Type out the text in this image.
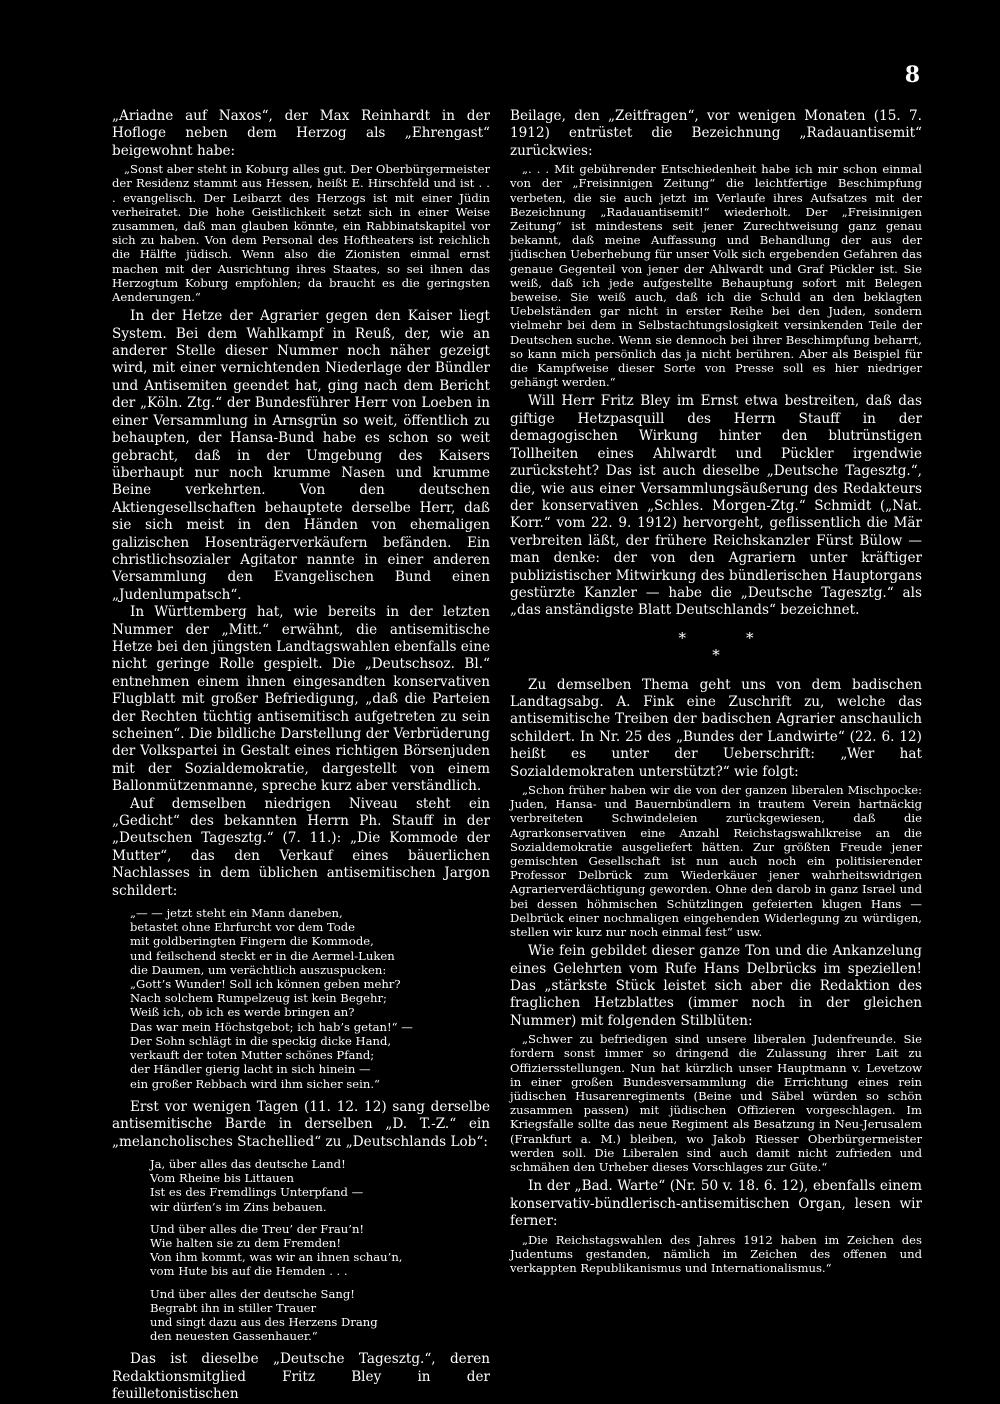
8

„Ariadne auf Naxos“, der Max Reinhardt in der Hofloge neben dem Herzog als „Ehrengast“ beigewohnt habe:

„Sonst aber steht in Koburg alles gut. Der Oberbürgermeister der Residenz stammt aus Hessen, heißt E. Hirschfeld und ist . . . evangelisch. Der Leibarzt des Herzogs ist mit einer Jüdin verheiratet. Die hohe Geistlichkeit setzt sich in einer Weise zusammen, daß man glauben könnte, ein Rabbinatskapitel vor sich zu haben. Von dem Personal des Hoftheaters ist reichlich die Hälfte jüdisch. Wenn also die Zionisten einmal ernst machen mit der Ausrichtung ihres Staates, so sei ihnen das Herzogtum Koburg empfohlen; da braucht es die geringsten Aenderungen.“

In der Hetze der Agrarier gegen den Kaiser liegt System. Bei dem Wahlkampf in Reuß, der, wie an anderer Stelle dieser Nummer noch näher gezeigt wird, mit einer vernichtenden Niederlage der Bündler und Antisemiten geendet hat, ging nach dem Bericht der „Köln. Ztg.“ der Bundesführer Herr von Loeben in einer Versammlung in Arnsgrün so weit, öffentlich zu behaupten, der Hansa-Bund habe es schon so weit gebracht, daß in der Umgebung des Kaisers überhaupt nur noch krumme Nasen und krumme Beine verkehrten. Von den deutschen Aktiengesellschaften behauptete derselbe Herr, daß sie sich meist in den Händen von ehemaligen galizischen Hosenträgerverkäufern befänden. Ein christlichsozialer Agitator nannte in einer anderen Versammlung den Evangelischen Bund einen „Judenlumpatsch“.

In Württemberg hat, wie bereits in der letzten Nummer der „Mitt.“ erwähnt, die antisemitische Hetze bei den jüngsten Landtagswahlen ebenfalls eine nicht geringe Rolle gespielt. Die „Deutschsoz. Bl.“ entnehmen einem ihnen eingesandten konservativen Flugblatt mit großer Befriedigung, „daß die Parteien der Rechten tüchtig antisemitisch aufgetreten zu sein scheinen“. Die bildliche Darstellung der Verbrüderung der Volkspartei in Gestalt eines richtigen Börsenjuden mit der Sozialdemokratie, dargestellt von einem Ballonmützenmanne, spreche kurz aber verständlich.

Auf demselben niedrigen Niveau steht ein „Gedicht“ des bekannten Herrn Ph. Stauff in der „Deutschen Tagesztg.“ (7. 11.): „Die Kommode der Mutter“, das den Verkauf eines bäuerlichen Nachlasses in dem üblichen antisemitischen Jargon schildert:

„— — jetzt steht ein Mann daneben,
betastet ohne Ehrfurcht vor dem Tode
mit goldberingten Fingern die Kommode,
und feilschend steckt er in die Aermel-Luken
die Daumen, um verächtlich auszuspucken:
„Gott’s Wunder! Soll ich können geben mehr?
Nach solchem Rumpelzeug ist kein Begehr;
Weiß ich, ob ich es werde bringen an?
Das war mein Höchstgebot; ich hab’s getan!“ —
Der Sohn schlägt in die speckig dicke Hand,
verkauft der toten Mutter schönes Pfand;
der Händler gierig lacht in sich hinein —
ein großer Rebbach wird ihm sicher sein.“

Erst vor wenigen Tagen (11. 12. 12) sang derselbe antisemitische Barde in derselben „D. T.-Z.“ ein „melancholisches Stachellied“ zu „Deutschlands Lob“:

Ja, über alles das deutsche Land!
Vom Rheine bis Littauen
Ist es des Fremdlings Unterpfand —
wir dürfen’s im Zins bebauen.
Und über alles die Treu’ der Frau’n!
Wie halten sie zu dem Fremden!
Von ihm kommt, was wir an ihnen schau’n,
vom Hute bis auf die Hemden . . .
Und über alles der deutsche Sang!
Begrabt ihn in stiller Trauer
und singt dazu aus des Herzens Drang
den neuesten Gassenhauer.“

Das ist dieselbe „Deutsche Tagesztg.“, deren Redaktionsmitglied Fritz Bley in der feuilletonistischen

Beilage, den „Zeitfragen“, vor wenigen Monaten (15. 7. 1912) entrüstet die Bezeichnung „Radauantisemit“ zurückwies:

„. . . Mit gebührender Entschiedenheit habe ich mir schon einmal von der „Freisinnigen Zeitung“ die leichtfertige Beschimpfung verbeten, die sie auch jetzt im Verlaufe ihres Aufsatzes mit der Bezeichnung „Radauantisemit!“ wiederholt. Der „Freisinnigen Zeitung“ ist mindestens seit jener Zurechtweisung ganz genau bekannt, daß meine Auffassung und Behandlung der aus der jüdischen Ueberhebung für unser Volk sich ergebenden Gefahren das genaue Gegenteil von jener der Ahlwardt und Graf Pückler ist. Sie weiß, daß ich jede aufgestellte Behauptung sofort mit Belegen beweise. Sie weiß auch, daß ich die Schuld an den beklagten Uebelständen gar nicht in erster Reihe bei den Juden, sondern vielmehr bei dem in Selbstachtungslosigkeit versinkenden Teile der Deutschen suche. Wenn sie dennoch bei ihrer Beschimpfung beharrt, so kann mich persönlich das ja nicht berühren. Aber als Beispiel für die Kampfweise dieser Sorte von Presse soll es hier niedriger gehängt werden.“

Will Herr Fritz Bley im Ernst etwa bestreiten, daß das giftige Hetzpasquill des Herrn Stauff in der demagogischen Wirkung hinter den blutrünstigen Tollheiten eines Ahlwardt und Pückler irgendwie zurücksteht? Das ist auch dieselbe „Deutsche Tagesztg.“, die, wie aus einer Versammlungsäußerung des Redakteurs der konservativen „Schles. Morgen-Ztg.“ Schmidt („Nat. Korr.“ vom 22. 9. 1912) hervorgeht, geflissentlich die Mär verbreiten läßt, der frühere Reichskanzler Fürst Bülow — man denke: der von den Agrariern unter kräftiger publizistischer Mitwirkung des bündlerischen Hauptorgans gestürzte Kanzler — habe die „Deutsche Tagesztg.“ als „das anständigste Blatt Deutschlands“ bezeichnet.

*	*
*

Zu demselben Thema geht uns von dem badischen Landtagsabg. A. Fink eine Zuschrift zu, welche das antisemitische Treiben der badischen Agrarier anschaulich schildert. In Nr. 25 des „Bundes der Landwirte“ (22. 6. 12) heißt es unter der Ueberschrift: „Wer hat Sozialdemokraten unterstützt?“ wie folgt:

„Schon früher haben wir die von der ganzen liberalen Mischpocke: Juden, Hansa- und Bauernbündlern in trautem Verein hartnäckig verbreiteten Schwindeleien zurückgewiesen, daß die Agrarkonservativen eine Anzahl Reichstagswahlkreise an die Sozialdemokratie ausgeliefert hätten. Zur größten Freude jener gemischten Gesellschaft ist nun auch noch ein politisierender Professor Delbrück zum Wiederkäuer jener wahrheitswidrigen Agrarierverdächtigung geworden. Ohne den darob in ganz Israel und bei dessen höhmischen Schützlingen gefeierten klugen Hans — Delbrück einer nochmaligen eingehenden Widerlegung zu würdigen, stellen wir kurz nur noch einmal fest“ usw.

Wie fein gebildet dieser ganze Ton und die Ankanzelung eines Gelehrten vom Rufe Hans Delbrücks im speziellen! Das „stärkste Stück leistet sich aber die Redaktion des fraglichen Hetzblattes (immer noch in der gleichen Nummer) mit folgenden Stilblüten:

„Schwer zu befriedigen sind unsere liberalen Judenfreunde. Sie fordern sonst immer so dringend die Zulassung ihrer Lait zu Offiziersstellungen. Nun hat kürzlich unser Hauptmann v. Levetzow in einer großen Bundesversammlung die Errichtung eines rein jüdischen Husarenregiments (Beine und Säbel würden so schön zusammen passen) mit jüdischen Offizieren vorgeschlagen. Im Kriegsfalle sollte das neue Regiment als Besatzung in Neu-Jerusalem (Frankfurt a. M.) bleiben, wo Jakob Riesser Oberbürgermeister werden soll. Die Liberalen sind auch damit nicht zufrieden und schmähen den Urheber dieses Vorschlages zur Güte.“

In der „Bad. Warte“ (Nr. 50 v. 18. 6. 12), ebenfalls einem konservativ-bündlerisch-antisemitischen Organ, lesen wir ferner:

„Die Reichstagswahlen des Jahres 1912 haben im Zeichen des Judentums gestanden, nämlich im Zeichen des offenen und verkappten Republikanismus und Internationalismus.“
